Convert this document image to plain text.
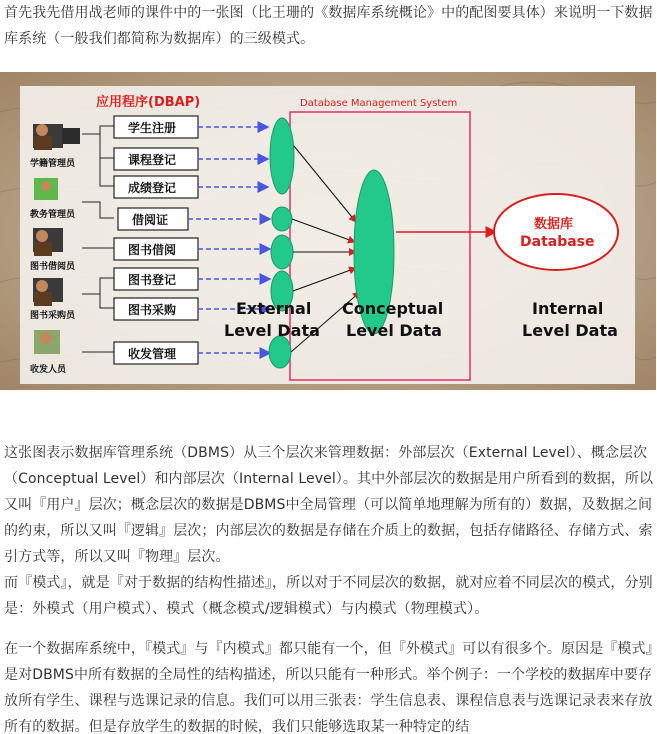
首先我先借用战老师的课件中的一张图（比王珊的《数据库系统概论》中的配图要具体）来说明一下数据库系统（一般我们都简称为数据库）的三级模式。

应用程序(DBAP)	Database Management System
学籍管理员
教务管理员
图书借阅员
图书采购员
收发人员
学生注册
课程登记
成绩登记
借阅证
图书借阅
图书登记
图书采购
收发管理
数据库
Database
External
Level Data
Conceptual
Level Data
Internal
Level Data

这张图表示数据库管理系统（DBMS）从三个层次来管理数据：外部层次（External Level）、概念层次（Conceptual Level）和内部层次（Internal Level）。其中外部层次的数据是用户所看到的数据，所以又叫『用户』层次；概念层次的数据是DBMS中全局管理（可以简单地理解为所有的）数据，及数据之间的约束，所以又叫『逻辑』层次；内部层次的数据是存储在介质上的数据，包括存储路径、存储方式、索引方式等，所以又叫『物理』层次。

而『模式』，就是『对于数据的结构性描述』，所以对于不同层次的数据，就对应着不同层次的模式，分别是：外模式（用户模式）、模式（概念模式/逻辑模式）与内模式（物理模式）。

在一个数据库系统中，『模式』与『内模式』都只能有一个，但『外模式』可以有很多个。原因是『模式』是对DBMS中所有数据的全局性的结构描述，所以只能有一种形式。举个例子：一个学校的数据库中要存放所有学生、课程与选课记录的信息。我们可以用三张表：学生信息表、课程信息表与选课记录表来存放所有的数据。但是存放学生的数据的时候，我们只能够选取某一种特定的结
